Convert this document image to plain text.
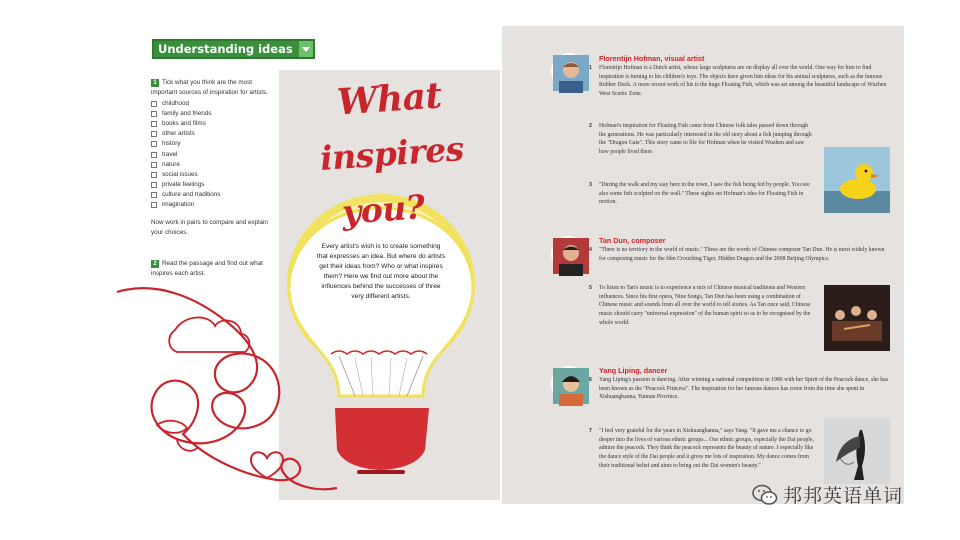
Understanding ideas
1 Tick what you think are the most important sources of inspiration for artists.
childhood
family and friends
books and films
other artists
history
travel
nature
social issues
private feelings
culture and traditions
imagination
Now work in pairs to compare and explain your choices.
2 Read the passage and find out what inspires each artist.
What
inspires
you?
Every artist's wish is to create something that expresses an idea. But where do artists get their ideas from? Who or what inspires them? Here we find out more about the influences behind the successes of three very different artists.
Florentijn Hofman, visual artist
1 Florentijn Hofman is a Dutch artist, whose large sculptures are on display all over the world. One way for him to find inspiration is turning to his children's toys. The objects have given him ideas for his animal sculptures, such as the famous Rubber Duck. A more recent work of his is the huge Floating Fish, which was set among the beautiful landscape of Wuzhen West Scenic Zone.
2 Hofman's inspiration for Floating Fish came from Chinese folk tales passed down through the generations. He was particularly interested in the old story about a fish jumping through the "Dragon Gate". This story came to life for Hofman when he visited Wuzhen and saw how people lived there.
3 "During the walk and my stay here in the town, I saw the fish being fed by people. You see also some fish sculpted on the wall." These sights set Hofman's idea for Floating Fish in motion.
Tan Dun, composer
4 "There is no territory in the world of music." These are the words of Chinese composer Tan Dun. He is most widely known for composing music for the film Crouching Tiger, Hidden Dragon and the 2008 Beijing Olympics.
5 To listen to Tan's music is to experience a mix of Chinese musical traditions and Western influences. Since his first opera, Nine Songs, Tan Dun has been using a combination of Chinese music and sounds from all over the world to tell stories. As Tan once said, Chinese music should carry "universal expression" of the human spirit so as to be recognised by the whole world.
Yang Liping, dancer
6 Yang Liping's passion is dancing. After winning a national competition in 1986 with her Spirit of the Peacock dance, she has been known as the "Peacock Princess". The inspiration for her famous dances has come from the time she spent in Xishuangbanna, Yunnan Province.
7 "I feel very grateful for the years in Xishuangbanna," says Yang. "It gave me a chance to go deeper into the lives of various ethnic groups... Our ethnic groups, especially the Dai people, admire the peacock. They think the peacock represents the beauty of nature. I especially like the dance style of the Dai people and it gives me lots of inspiration. My dance comes from their traditional belief and aims to bring out the Dai women's beauty."
邦邦英语单词
